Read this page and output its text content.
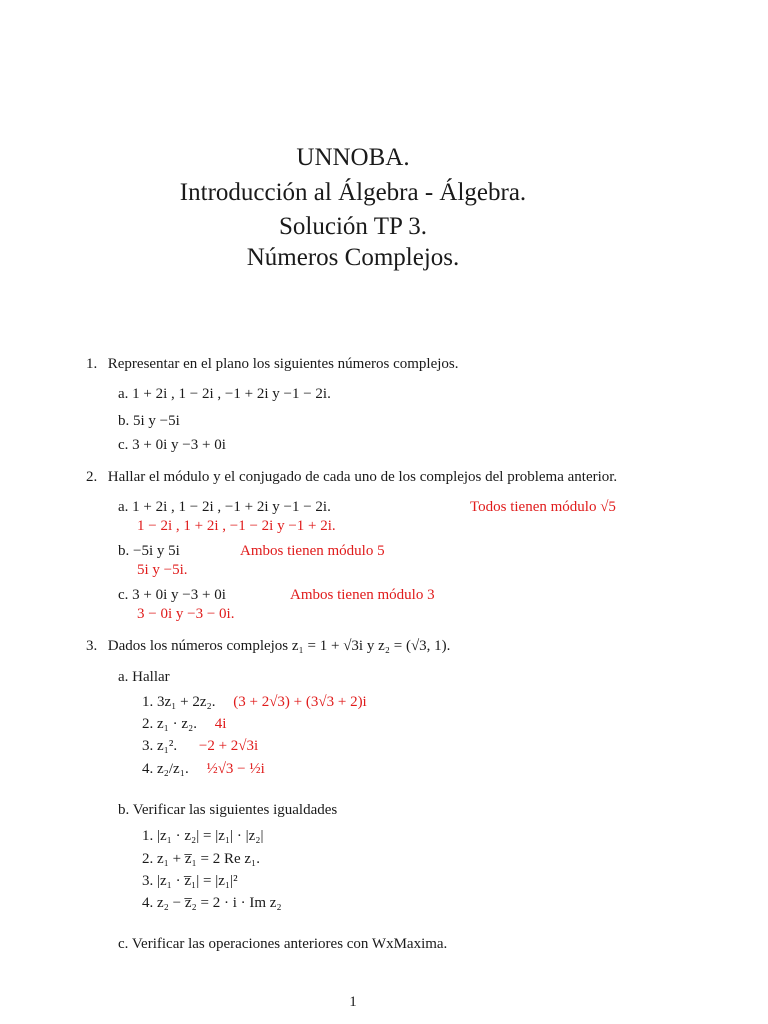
UNNOBA.
Introducción al Álgebra - Álgebra.
Solución TP 3.
Números Complejos.
1. Representar en el plano los siguientes números complejos.
a. 1 + 2i , 1 − 2i , −1 + 2i y −1 − 2i.
b. 5i y −5i
c. 3 + 0i y −3 + 0i
2. Hallar el módulo y el conjugado de cada uno de los complejos del problema anterior.
a. 1 + 2i , 1 − 2i , −1 + 2i y −1 − 2i.	Todos tienen módulo √5
1 − 2i , 1 + 2i , −1 − 2i y −1 + 2i.
b. −5i y 5i	Ambos tienen módulo 5
5i y −5i.
c. 3 + 0i y −3 + 0i	Ambos tienen módulo 3
3 − 0i y −3 − 0i.
3. Dados los números complejos z₁ = 1 + √3i y z₂ = (√3, 1).
a. Hallar
1. 3z₁ + 2z₂. (3 + 2√3) + (3√3 + 2)i
2. z₁ · z₂. 4i
3. z₁². −2 + 2√3i
4. z₂/z₁. ½√3 − ½i
b. Verificar las siguientes igualdades
1. |z₁ · z₂| = |z₁| · |z₂|
2. z₁ + z̅₁ = 2 Re z₁.
3. |z₁ · z̅₁| = |z₁|²
4. z₂ − z̅₂ = 2 · i · Im z₂
c. Verificar las operaciones anteriores con WxMaxima.
1
